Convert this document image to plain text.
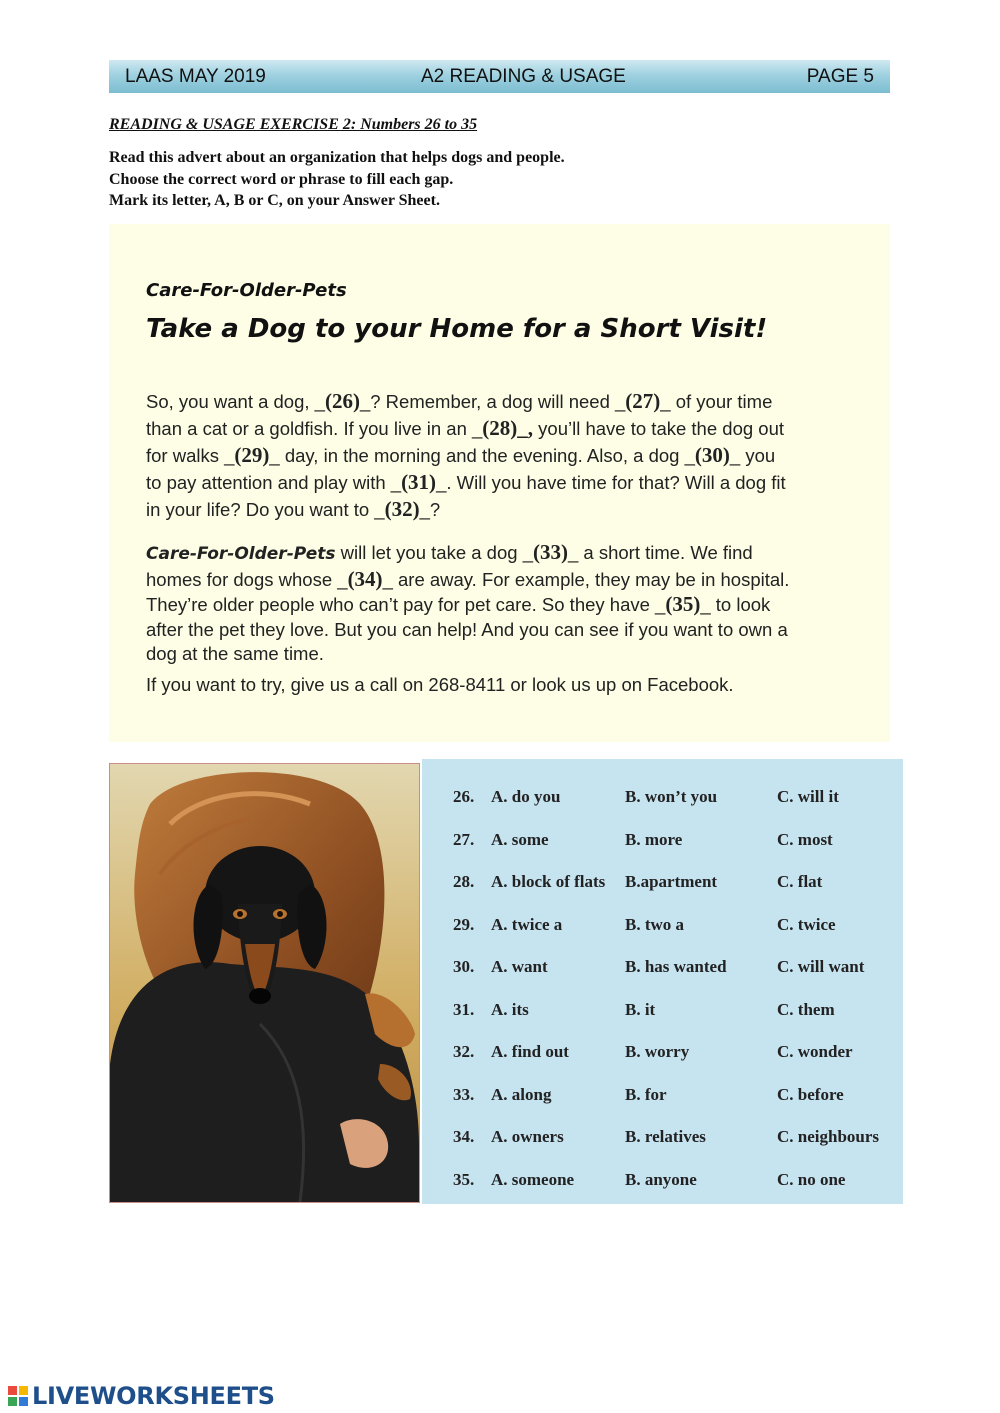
LAAS MAY 2019	A2 READING & USAGE	PAGE 5
READING & USAGE EXERCISE 2: Numbers 26 to 35
Read this advert about an organization that helps dogs and people.
Choose the correct word or phrase to fill each gap.
Mark its letter, A, B or C, on your Answer Sheet.
Care-For-Older-Pets
Take a Dog to your Home for a Short Visit!
So, you want a dog, _(26)_? Remember, a dog will need _(27)_ of your time
than a cat or a goldfish. If you live in an _(28)_, you’ll have to take the dog out
for walks _(29)_ day, in the morning and the evening. Also, a dog _(30)_ you
to pay attention and play with _(31)_. Will you have time for that? Will a dog fit
in your life? Do you want to _(32)_?
Care-For-Older-Pets will let you take a dog _(33)_ a short time. We find
homes for dogs whose _(34)_ are away. For example, they may be in hospital.
They’re older people who can’t pay for pet care. So they have _(35)_ to look
after the pet they love. But you can help! And you can see if you want to own a
dog at the same time.
If you want to try, give us a call on 268-8411 or look us up on Facebook.
26. A. do you	B. won’t you	C. will it
27. A. some	B. more	C. most
28. A. block of flats B.apartment	C. flat
29. A. twice a	B. two a	C. twice
30. A. want	B. has wanted	C. will want
31. A. its	B. it	C. them
32. A. find out	B. worry	C. wonder
33. A. along	B. for	C. before
34. A. owners	B. relatives	C. neighbours
35. A. someone	B. anyone	C. no one
LIVEWORKSHEETS
